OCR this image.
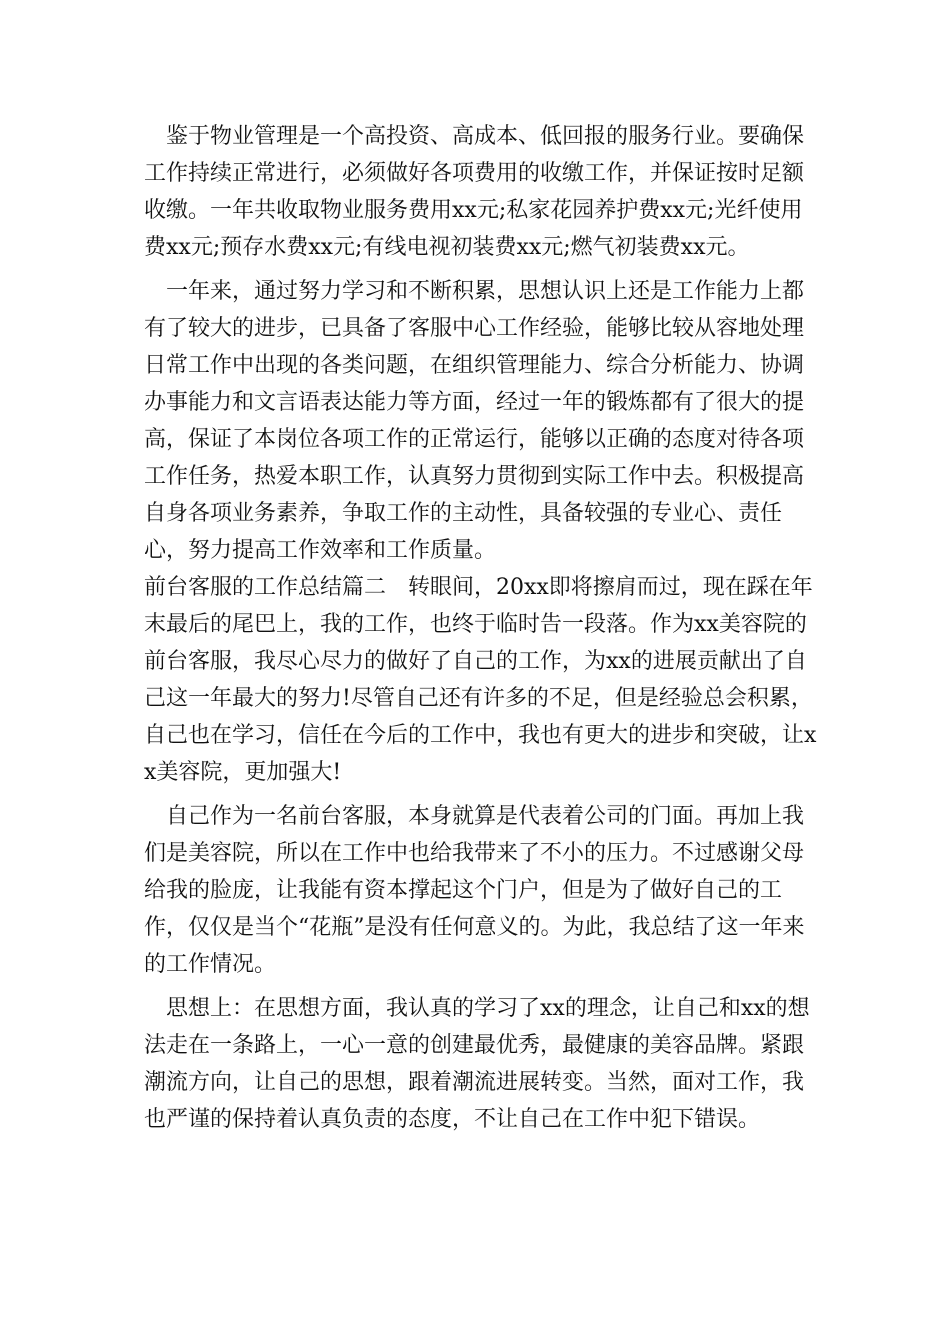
鉴于物业管理是一个高投资、高成本、低回报的服务行业。要确保工作持续正常进行，必须做好各项费用的收缴工作，并保证按时足额收缴。一年共收取物业服务费用xx元;私家花园养护费xx元;光纤使用费xx元;预存水费xx元;有线电视初装费xx元;燃气初装费xx元。

一年来，通过努力学习和不断积累，思想认识上还是工作能力上都有了较大的进步，已具备了客服中心工作经验，能够比较从容地处理日常工作中出现的各类问题，在组织管理能力、综合分析能力、协调办事能力和文言语表达能力等方面，经过一年的锻炼都有了很大的提高，保证了本岗位各项工作的正常运行，能够以正确的态度对待各项工作任务，热爱本职工作，认真努力贯彻到实际工作中去。积极提高自身各项业务素养，争取工作的主动性，具备较强的专业心、责任心，努力提高工作效率和工作质量。

前台客服的工作总结篇二　转眼间，20xx即将擦肩而过，现在踩在年末最后的尾巴上，我的工作，也终于临时告一段落。作为xx美容院的前台客服，我尽心尽力的做好了自己的工作，为xx的进展贡献出了自己这一年最大的努力!尽管自己还有许多的不足，但是经验总会积累，自己也在学习，信任在今后的工作中，我也有更大的进步和突破，让xx美容院，更加强大!

自己作为一名前台客服，本身就算是代表着公司的门面。再加上我们是美容院，所以在工作中也给我带来了不小的压力。不过感谢父母给我的脸庞，让我能有资本撑起这个门户，但是为了做好自己的工作，仅仅是当个“花瓶”是没有任何意义的。为此，我总结了这一年来的工作情况。

思想上：在思想方面，我认真的学习了xx的理念，让自己和xx的想法走在一条路上，一心一意的创建最优秀，最健康的美容品牌。紧跟潮流方向，让自己的思想，跟着潮流进展转变。当然，面对工作，我也严谨的保持着认真负责的态度，不让自己在工作中犯下错误。
